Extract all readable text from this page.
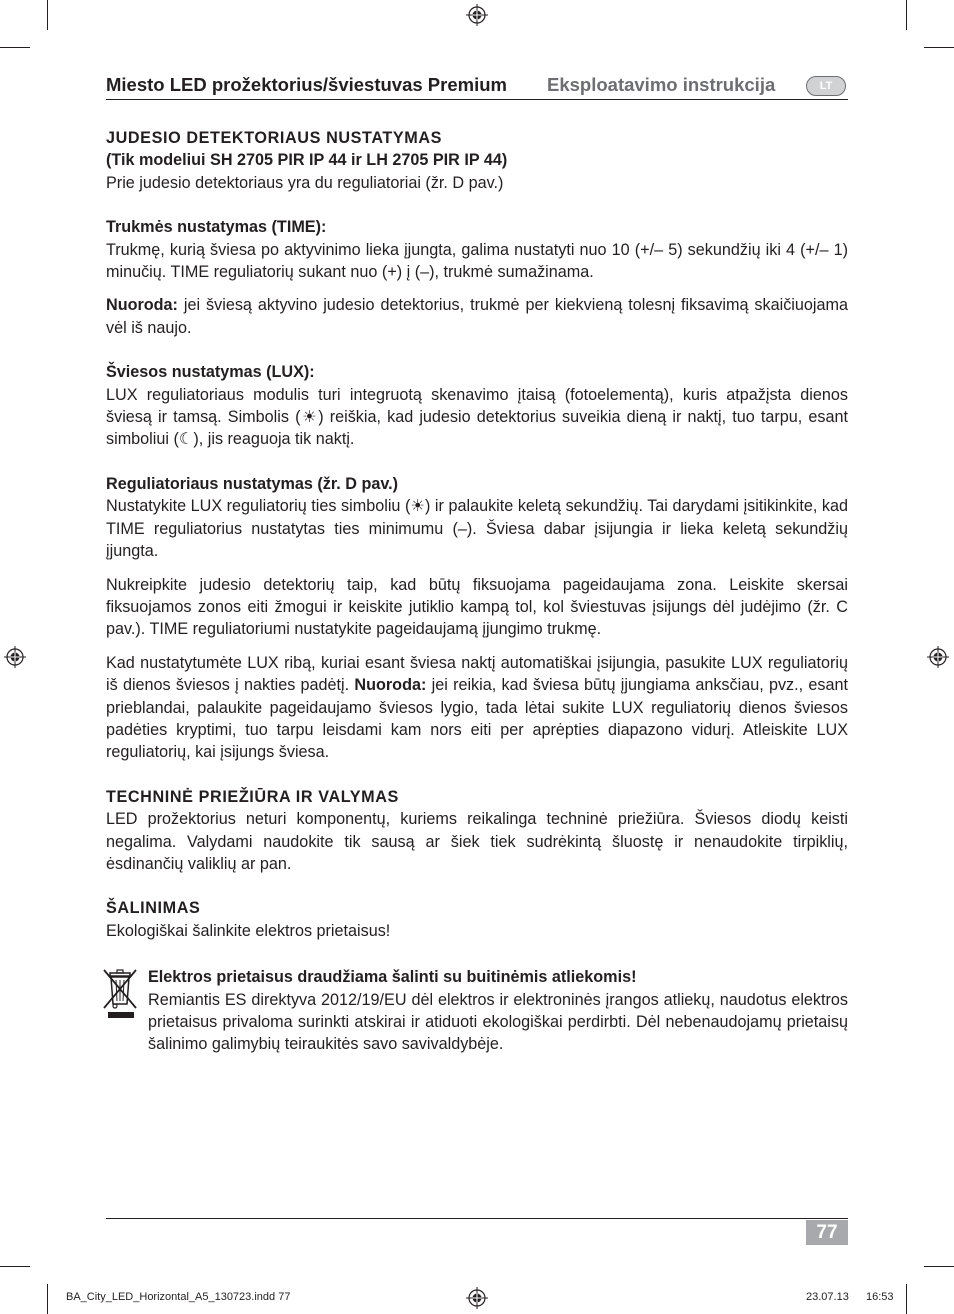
Miesto LED prožektorius/šviestuvas Premium Eksploatavimo instrukcija	LT
JUDESIO DETEKTORIAUS NUSTATYMAS
(Tik modeliui SH 2705 PIR IP 44 ir LH 2705 PIR IP 44)

Prie judesio detektoriaus yra du reguliatoriai (žr. D pav.)

Trukmės nustatymas (TIME):

Trukmę, kurią šviesa po aktyvinimo lieka įjungta, galima nustatyti nuo 10 (+/– 5) sekundžių iki 4 (+/– 1) minučių. TIME reguliatorių sukant nuo (+) į (–), trukmė sumažinama.

Nuoroda: jei šviesą aktyvino judesio detektorius, trukmė per kiekvieną tolesnį fiksavimą skaičiuojama vėl iš naujo.

Šviesos nustatymas (LUX):

LUX reguliatoriaus modulis turi integruotą skenavimo įtaisą (fotoelementą), kuris atpažįsta dienos šviesą ir tamsą. Simbolis (☀) reiškia, kad judesio detektorius suveikia dieną ir naktį, tuo tarpu, esant simboliui (☾), jis reaguoja tik naktį.

Reguliatoriaus nustatymas (žr. D pav.)

Nustatykite LUX reguliatorių ties simboliu (☀) ir palaukite keletą sekundžių. Tai darydami įsitikinkite, kad TIME reguliatorius nustatytas ties minimumu (–). Šviesa dabar įsijungia ir lieka keletą sekundžių įjungta.

Nukreipkite judesio detektorių taip, kad būtų fiksuojama pageidaujama zona. Leiskite skersai fiksuojamos zonos eiti žmogui ir keiskite jutiklio kampą tol, kol šviestuvas įsijungs dėl judėjimo (žr. C pav.). TIME reguliatoriumi nustatykite pageidaujamą įjungimo trukmę.

Kad nustatytumėte LUX ribą, kuriai esant šviesa naktį automatiškai įsijungia, pasukite LUX reguliatorių iš dienos šviesos į nakties padėtį. Nuoroda: jei reikia, kad šviesa būtų įjungiama anksčiau, pvz., esant prieblandai, palaukite pageidaujamo šviesos lygio, tada lėtai sukite LUX reguliatorių dienos šviesos padėties kryptimi, tuo tarpu leisdami kam nors eiti per aprėpties diapazono vidurį. Atleiskite LUX reguliatorių, kai įsijungs šviesa.

TECHNINĖ PRIEŽIŪRA IR VALYMAS

LED prožektorius neturi komponentų, kuriems reikalinga techninė priežiūra. Šviesos diodų keisti negalima. Valydami naudokite tik sausą ar šiek tiek sudrėkintą šluostę ir nenaudokite tirpiklių, ėsdinančių valiklių ar pan.

ŠALINIMAS

Ekologiškai šalinkite elektros prietaisus!

Elektros prietaisus draudžiama šalinti su buitinėmis atliekomis!

Remiantis ES direktyva 2012/19/EU dėl elektros ir elektroninės įrangos atliekų, naudotus elektros prietaisus privaloma surinkti atskirai ir atiduoti ekologiškai perdirbti. Dėl nebenaudojamų prietaisų šalinimo galimybių teiraukitės savo savivaldybėje.

77
BA_City_LED_Horizontal_A5_130723.indd 77	23.07.13 16:53
